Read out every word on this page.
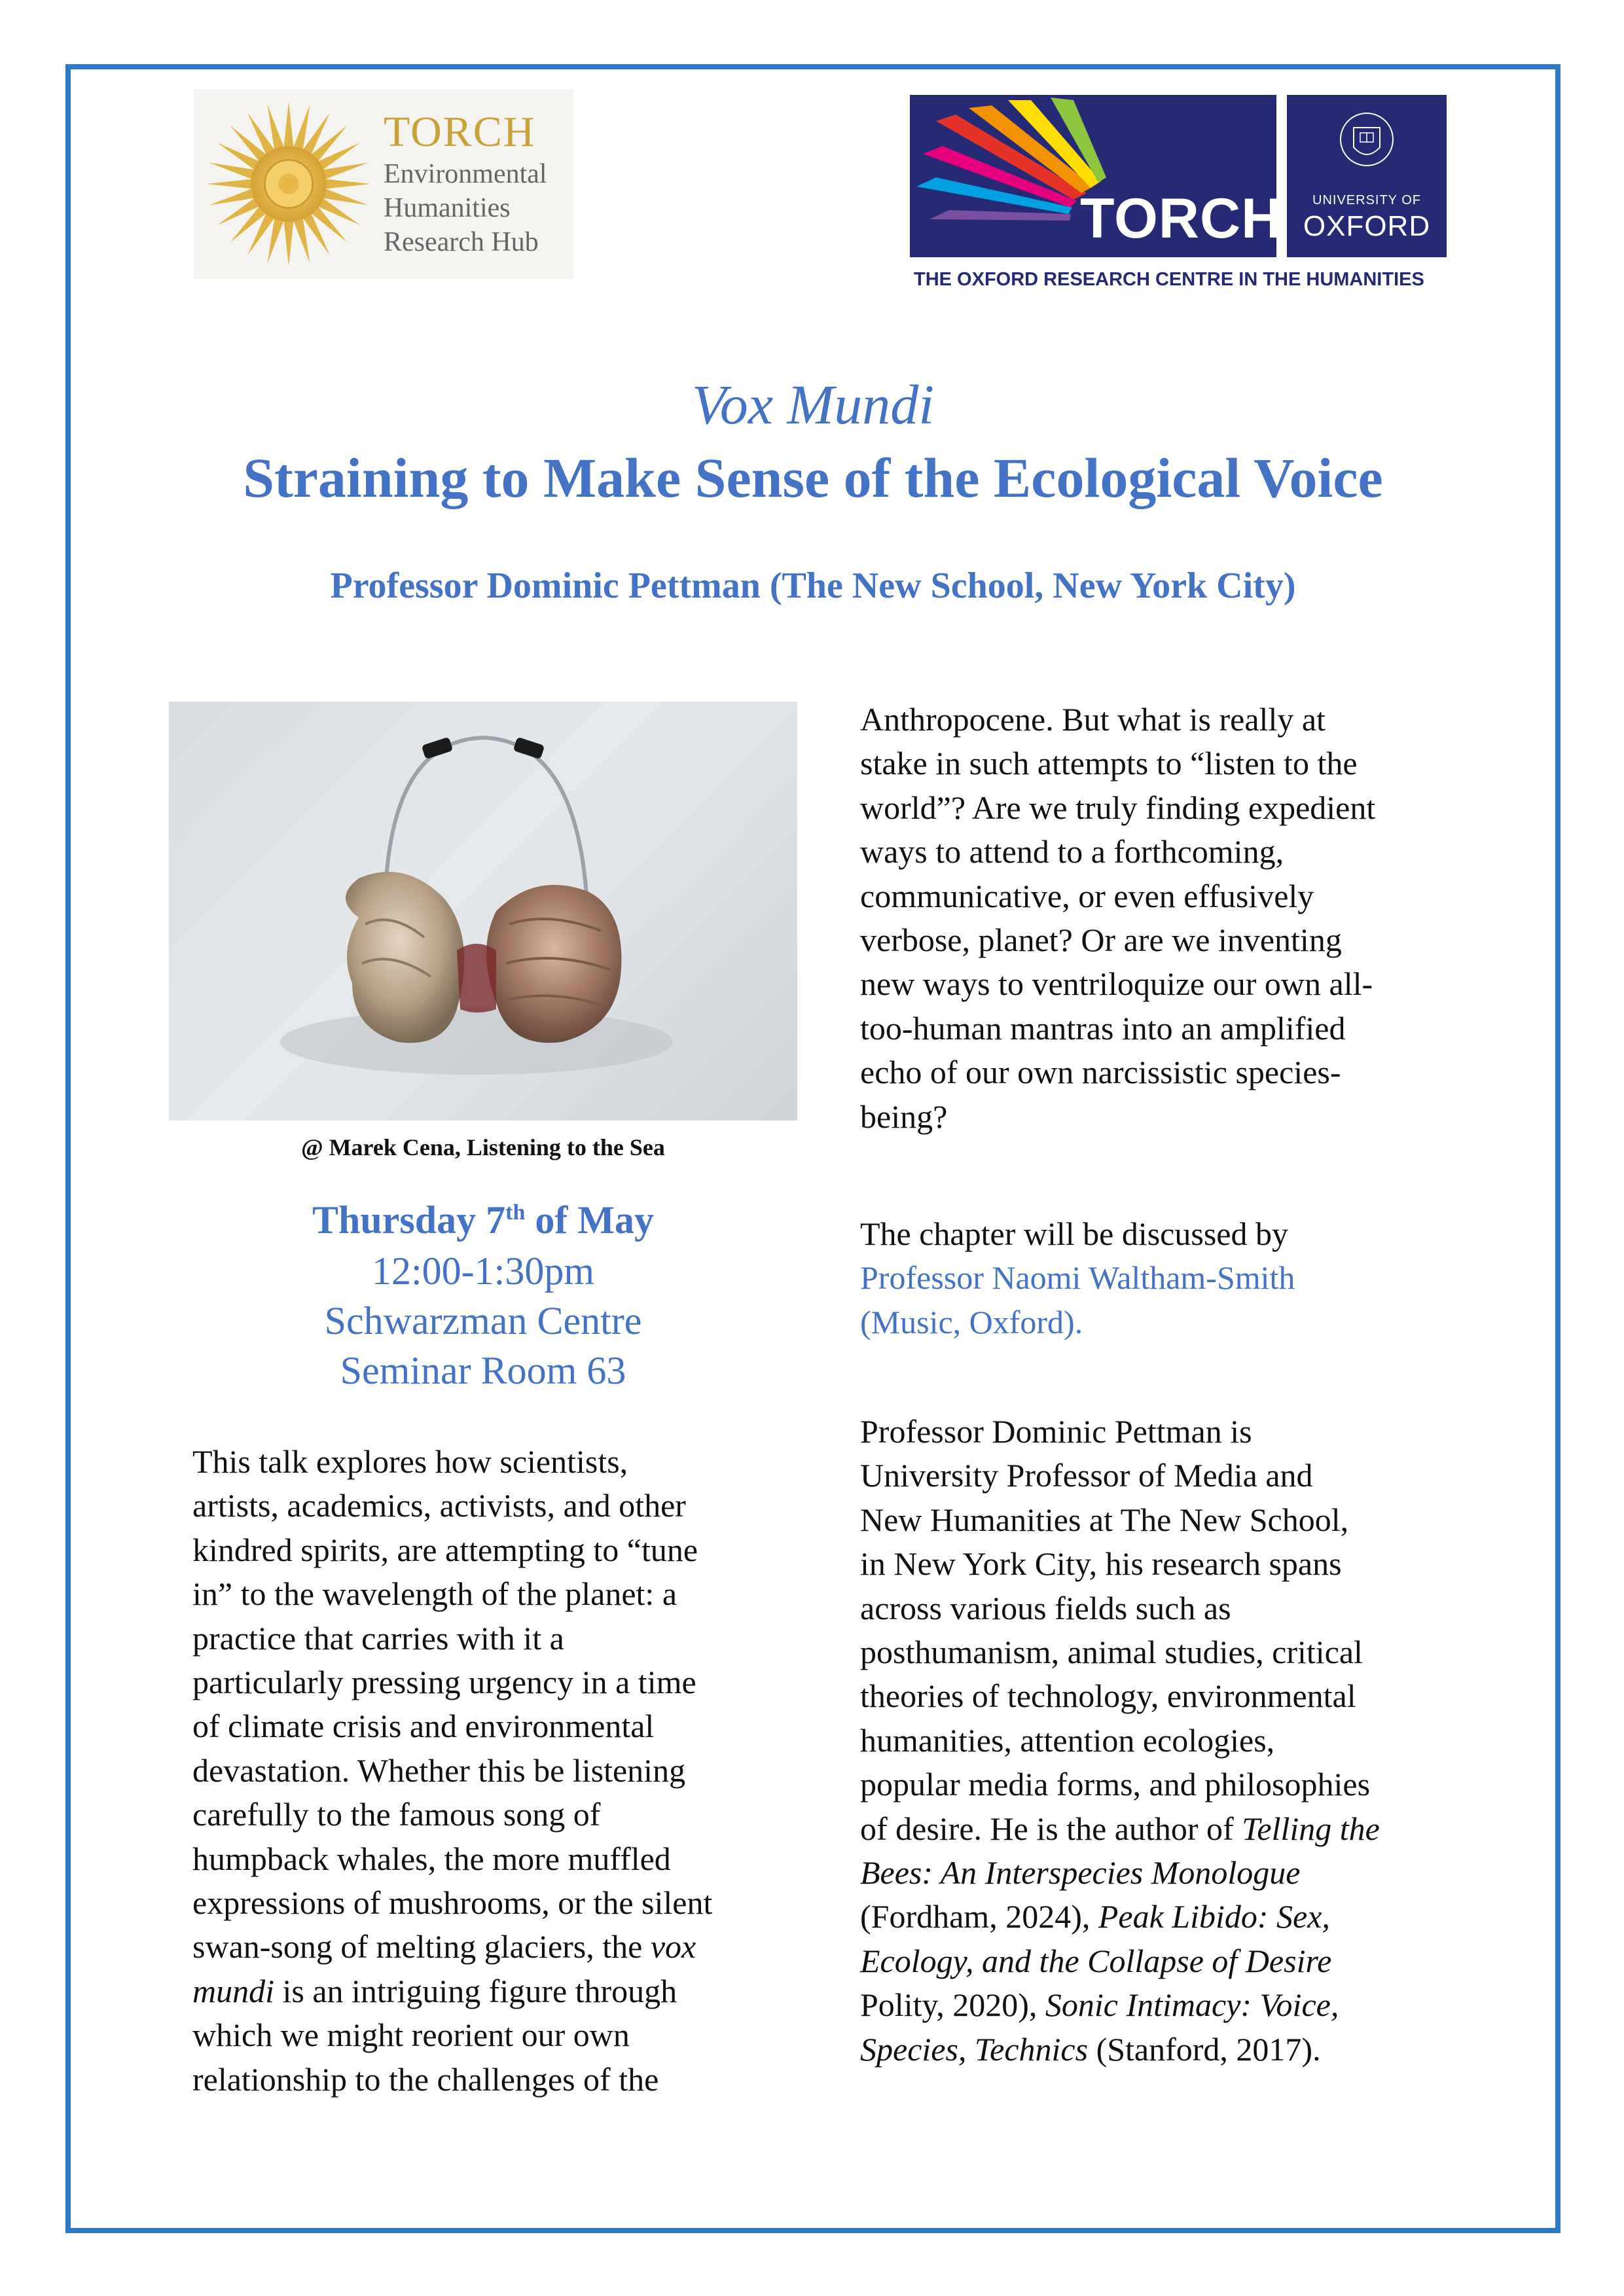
TORCH
Environmental
Humanities
Research Hub	TORCH	UNIVERSITY OF
OXFORD
THE OXFORD RESEARCH CENTRE IN THE HUMANITIES
Vox Mundi
Straining to Make Sense of the Ecological Voice
Professor Dominic Pettman (The New School, New York City)
@ Marek Cena, Listening to the Sea
Thursday 7th of May
12:00-1:30pm
Schwarzman Centre
Seminar Room 63
This talk explores how scientists,
artists, academics, activists, and other
kindred spirits, are attempting to “tune
in” to the wavelength of the planet: a
practice that carries with it a
particularly pressing urgency in a time
of climate crisis and environmental
devastation. Whether this be listening
carefully to the famous song of
humpback whales, the more muffled
expressions of mushrooms, or the silent
swan-song of melting glaciers, the vox
mundi is an intriguing figure through
which we might reorient our own
relationship to the challenges of the
Anthropocene. But what is really at
stake in such attempts to “listen to the
world”? Are we truly finding expedient
ways to attend to a forthcoming,
communicative, or even effusively
verbose, planet? Or are we inventing
new ways to ventriloquize our own all-
too-human mantras into an amplified
echo of our own narcissistic species-
being?
The chapter will be discussed by
Professor Naomi Waltham-Smith
(Music, Oxford).
Professor Dominic Pettman is
University Professor of Media and
New Humanities at The New School,
in New York City, his research spans
across various fields such as
posthumanism, animal studies, critical
theories of technology, environmental
humanities, attention ecologies,
popular media forms, and philosophies
of desire. He is the author of Telling the
Bees: An Interspecies Monologue
(Fordham, 2024), Peak Libido: Sex,
Ecology, and the Collapse of Desire
Polity, 2020), Sonic Intimacy: Voice,
Species, Technics (Stanford, 2017).
